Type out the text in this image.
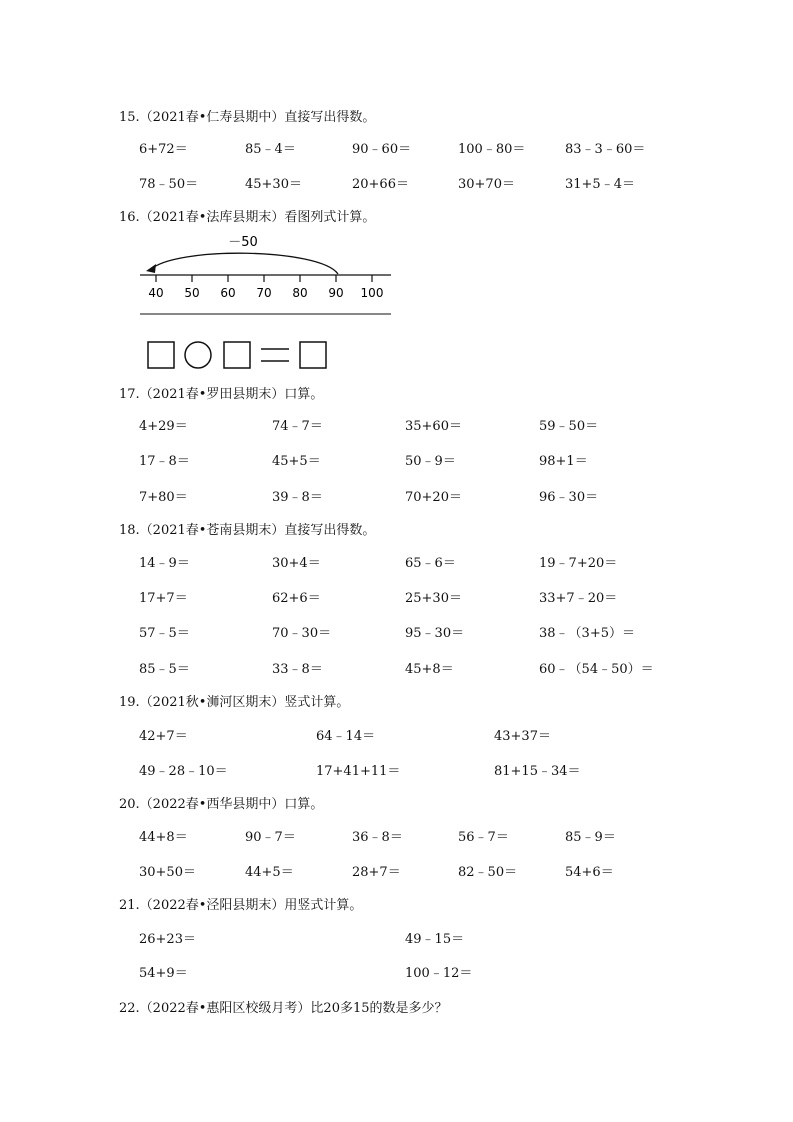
15.（2021春•仁寿县期中）直接写出得数。
6+72＝	85﹣4＝	90﹣60＝	100﹣80＝	83﹣3﹣60＝
78﹣50＝	45+30＝	20+66＝	30+70＝	31+5﹣4＝
16.（2021春•法库县期末）看图列式计算。
－50
40 50 60 70 80 90 100
17.（2021春•罗田县期末）口算。
4+29＝	74﹣7＝	35+60＝	59﹣50＝
17﹣8＝	45+5＝	50﹣9＝	98+1＝
7+80＝	39﹣8＝	70+20＝	96﹣30＝
18.（2021春•苍南县期末）直接写出得数。
14﹣9＝	30+4＝	65﹣6＝	19﹣7+20＝
17+7＝	62+6＝	25+30＝	33+7﹣20＝
57﹣5＝	70﹣30＝	95﹣30＝	38﹣（3+5）＝
85﹣5＝	33﹣8＝	45+8＝	60﹣（54﹣50）＝
19.（2021秋•浉河区期末）竖式计算。
42+7＝	64﹣14＝	43+37＝
49﹣28﹣10＝	17+41+11＝	81+15﹣34＝
20.（2022春•西华县期中）口算。
44+8＝	90﹣7＝	36﹣8＝	56﹣7＝	85﹣9＝
30+50＝	44+5＝	28+7＝	82﹣50＝	54+6＝
21.（2022春•泾阳县期末）用竖式计算。
26+23＝	49﹣15＝
54+9＝	100﹣12＝
22.（2022春•惠阳区校级月考）比20多15的数是多少？
